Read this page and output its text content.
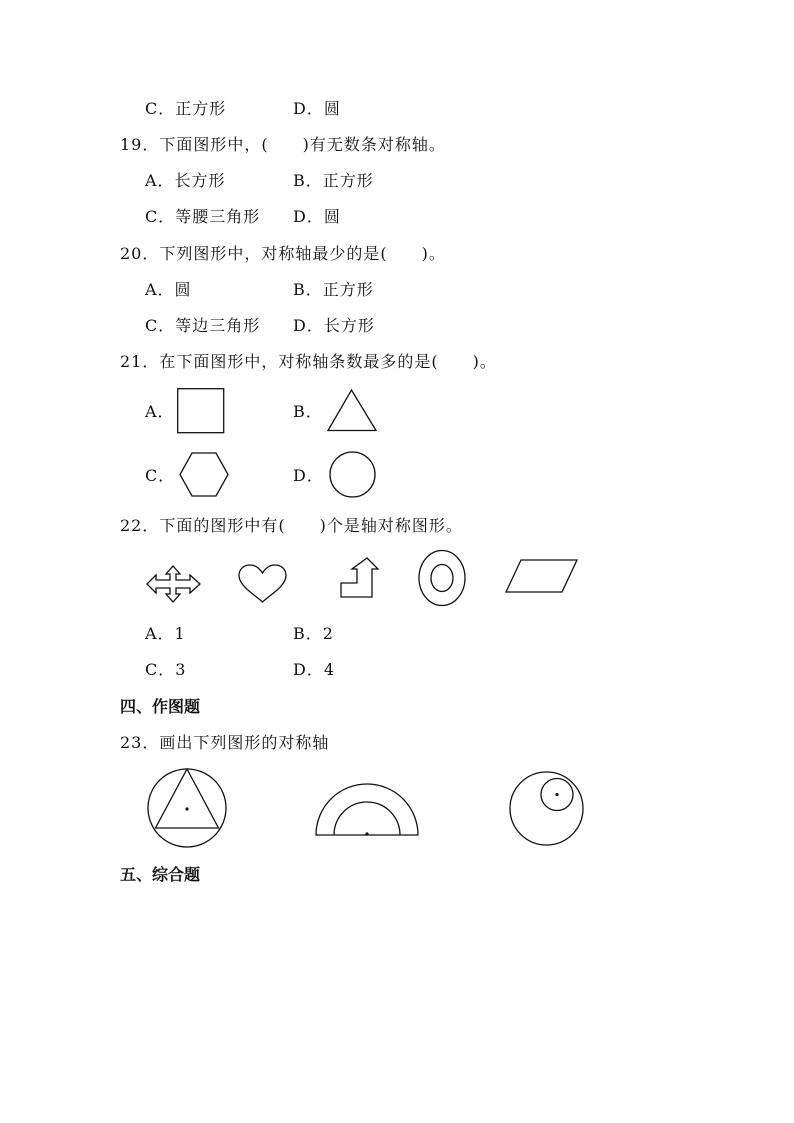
C．正方形	D．圆
19．下面图形中，(　　)有无数条对称轴。
A．长方形	B．正方形
C．等腰三角形 D．圆
20．下列图形中，对称轴最少的是(　　)。
A．圆	B．正方形
C．等边三角形 D．长方形
21．在下面图形中，对称轴条数最多的是(　　)。
A．	B．
C．	D．
22．下面的图形中有(　　)个是轴对称图形。
A．1	B．2
C．3	D．4
四、作图题
23．画出下列图形的对称轴
五、综合题
